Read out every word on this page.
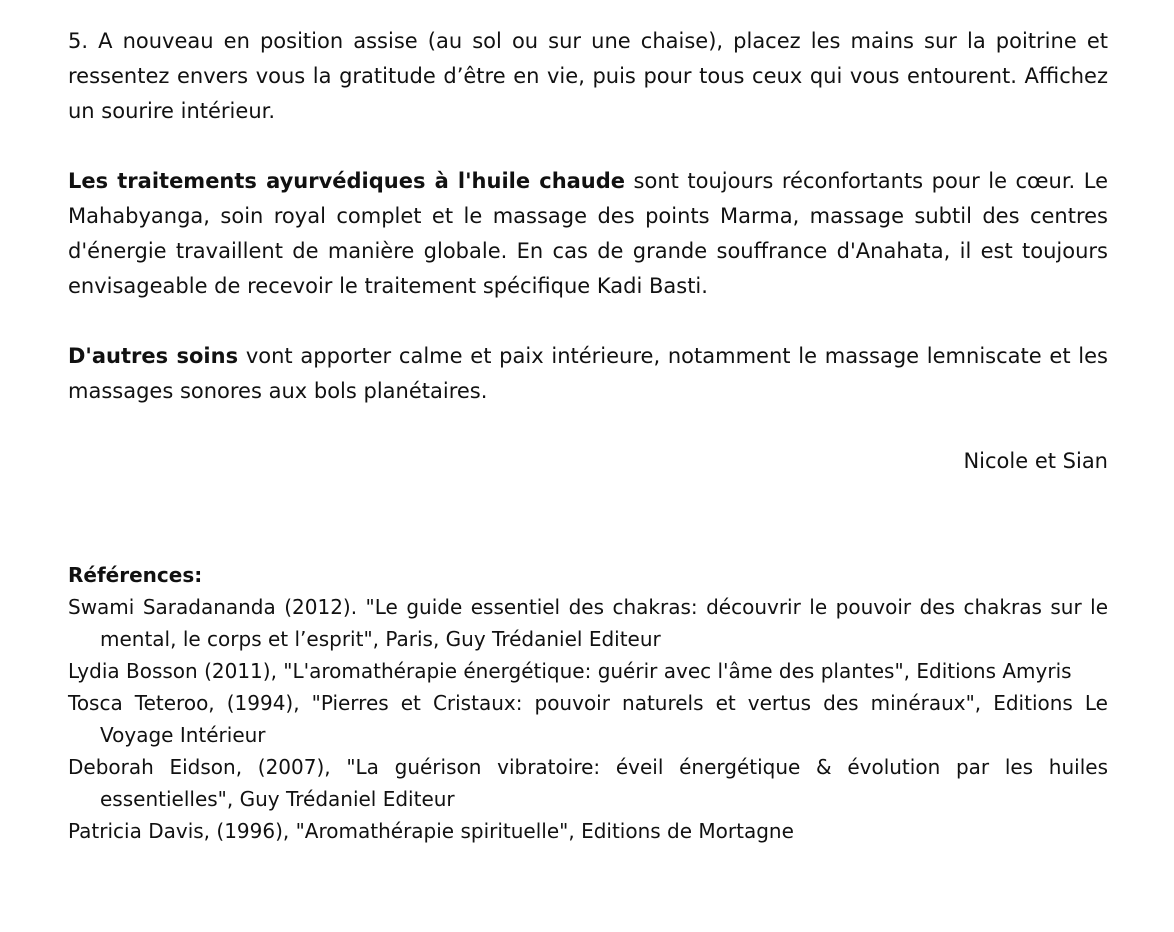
5. A nouveau en position assise (au sol ou sur une chaise), placez les mains sur la poitrine et ressentez envers vous la gratitude d’être en vie, puis pour tous ceux qui vous entourent. Affichez un sourire intérieur.

Les traitements ayurvédiques à l'huile chaude sont toujours réconfortants pour le cœur. Le Mahabyanga, soin royal complet et le massage des points Marma, massage subtil des centres d'énergie travaillent de manière globale. En cas de grande souffrance d'Anahata, il est toujours envisageable de recevoir le traitement spécifique Kadi Basti.

D'autres soins vont apporter calme et paix intérieure, notamment le massage lemniscate et les massages sonores aux bols planétaires.

Nicole et Sian

Références:

Swami Saradananda (2012). "Le guide essentiel des chakras: découvrir le pouvoir des chakras sur le mental, le corps et l’esprit", Paris, Guy Trédaniel Editeur
Lydia Bosson (2011), "L'aromathérapie énergétique: guérir avec l'âme des plantes", Editions Amyris
Tosca Teteroo, (1994), "Pierres et Cristaux: pouvoir naturels et vertus des minéraux", Editions Le Voyage Intérieur
Deborah Eidson, (2007), "La guérison vibratoire: éveil énergétique & évolution par les huiles essentielles", Guy Trédaniel Editeur
Patricia Davis, (1996), "Aromathérapie spirituelle", Editions de Mortagne
